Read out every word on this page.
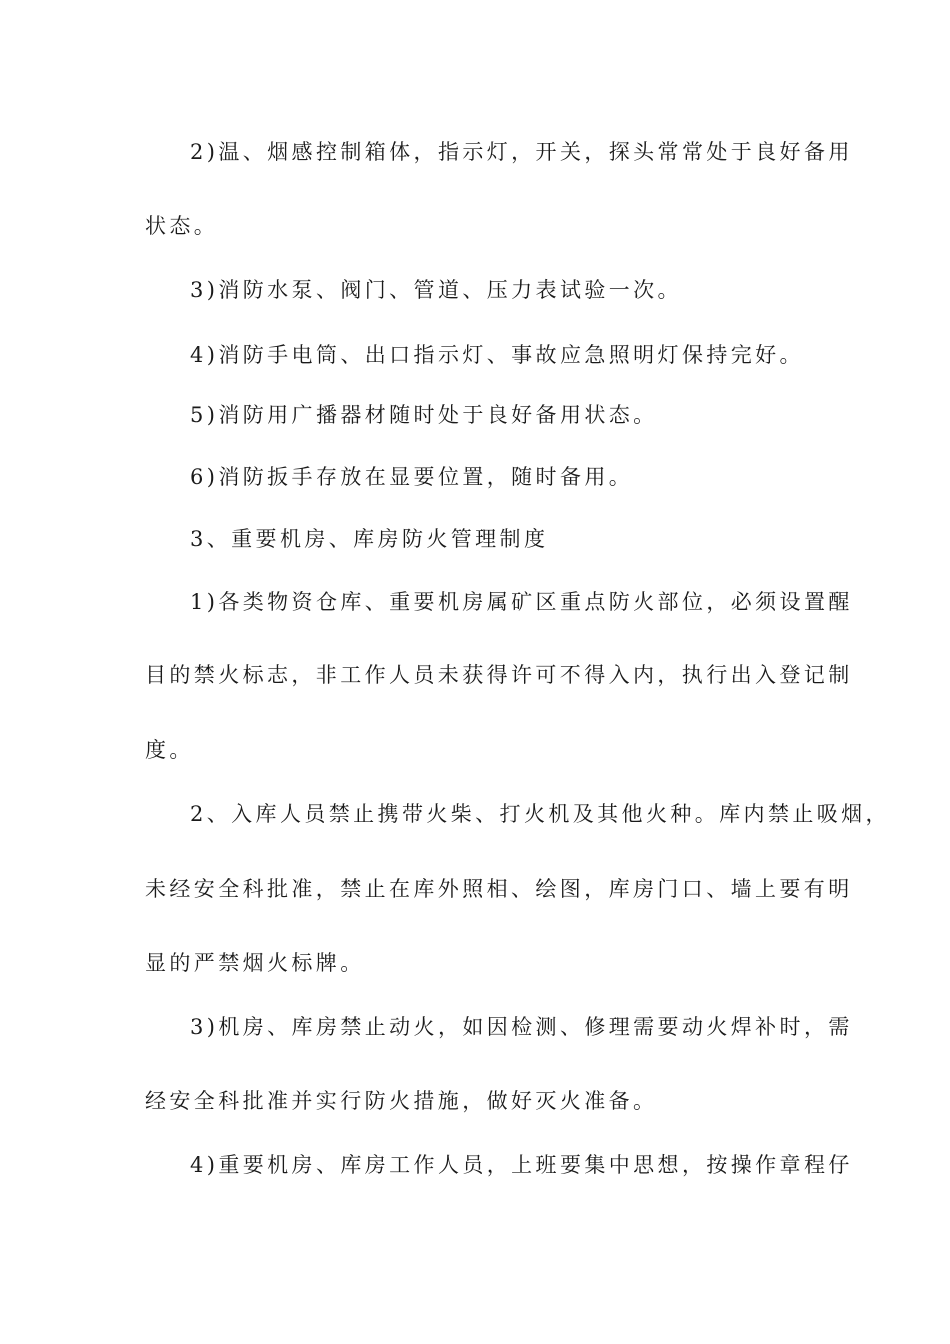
2)温、烟感控制箱体，指示灯，开关，探头常常处于良好备用
状态。
3)消防水泵、阀门、管道、压力表试验一次。
4)消防手电筒、出口指示灯、事故应急照明灯保持完好。
5)消防用广播器材随时处于良好备用状态。
6)消防扳手存放在显要位置，随时备用。
3、重要机房、库房防火管理制度
1)各类物资仓库、重要机房属矿区重点防火部位，必须设置醒
目的禁火标志，非工作人员未获得许可不得入内，执行出入登记制
度。
2、入库人员禁止携带火柴、打火机及其他火种。库内禁止吸烟，
未经安全科批准，禁止在库外照相、绘图，库房门口、墙上要有明
显的严禁烟火标牌。
3)机房、库房禁止动火，如因检测、修理需要动火焊补时，需
经安全科批准并实行防火措施，做好灭火准备。
4)重要机房、库房工作人员，上班要集中思想，按操作章程仔
